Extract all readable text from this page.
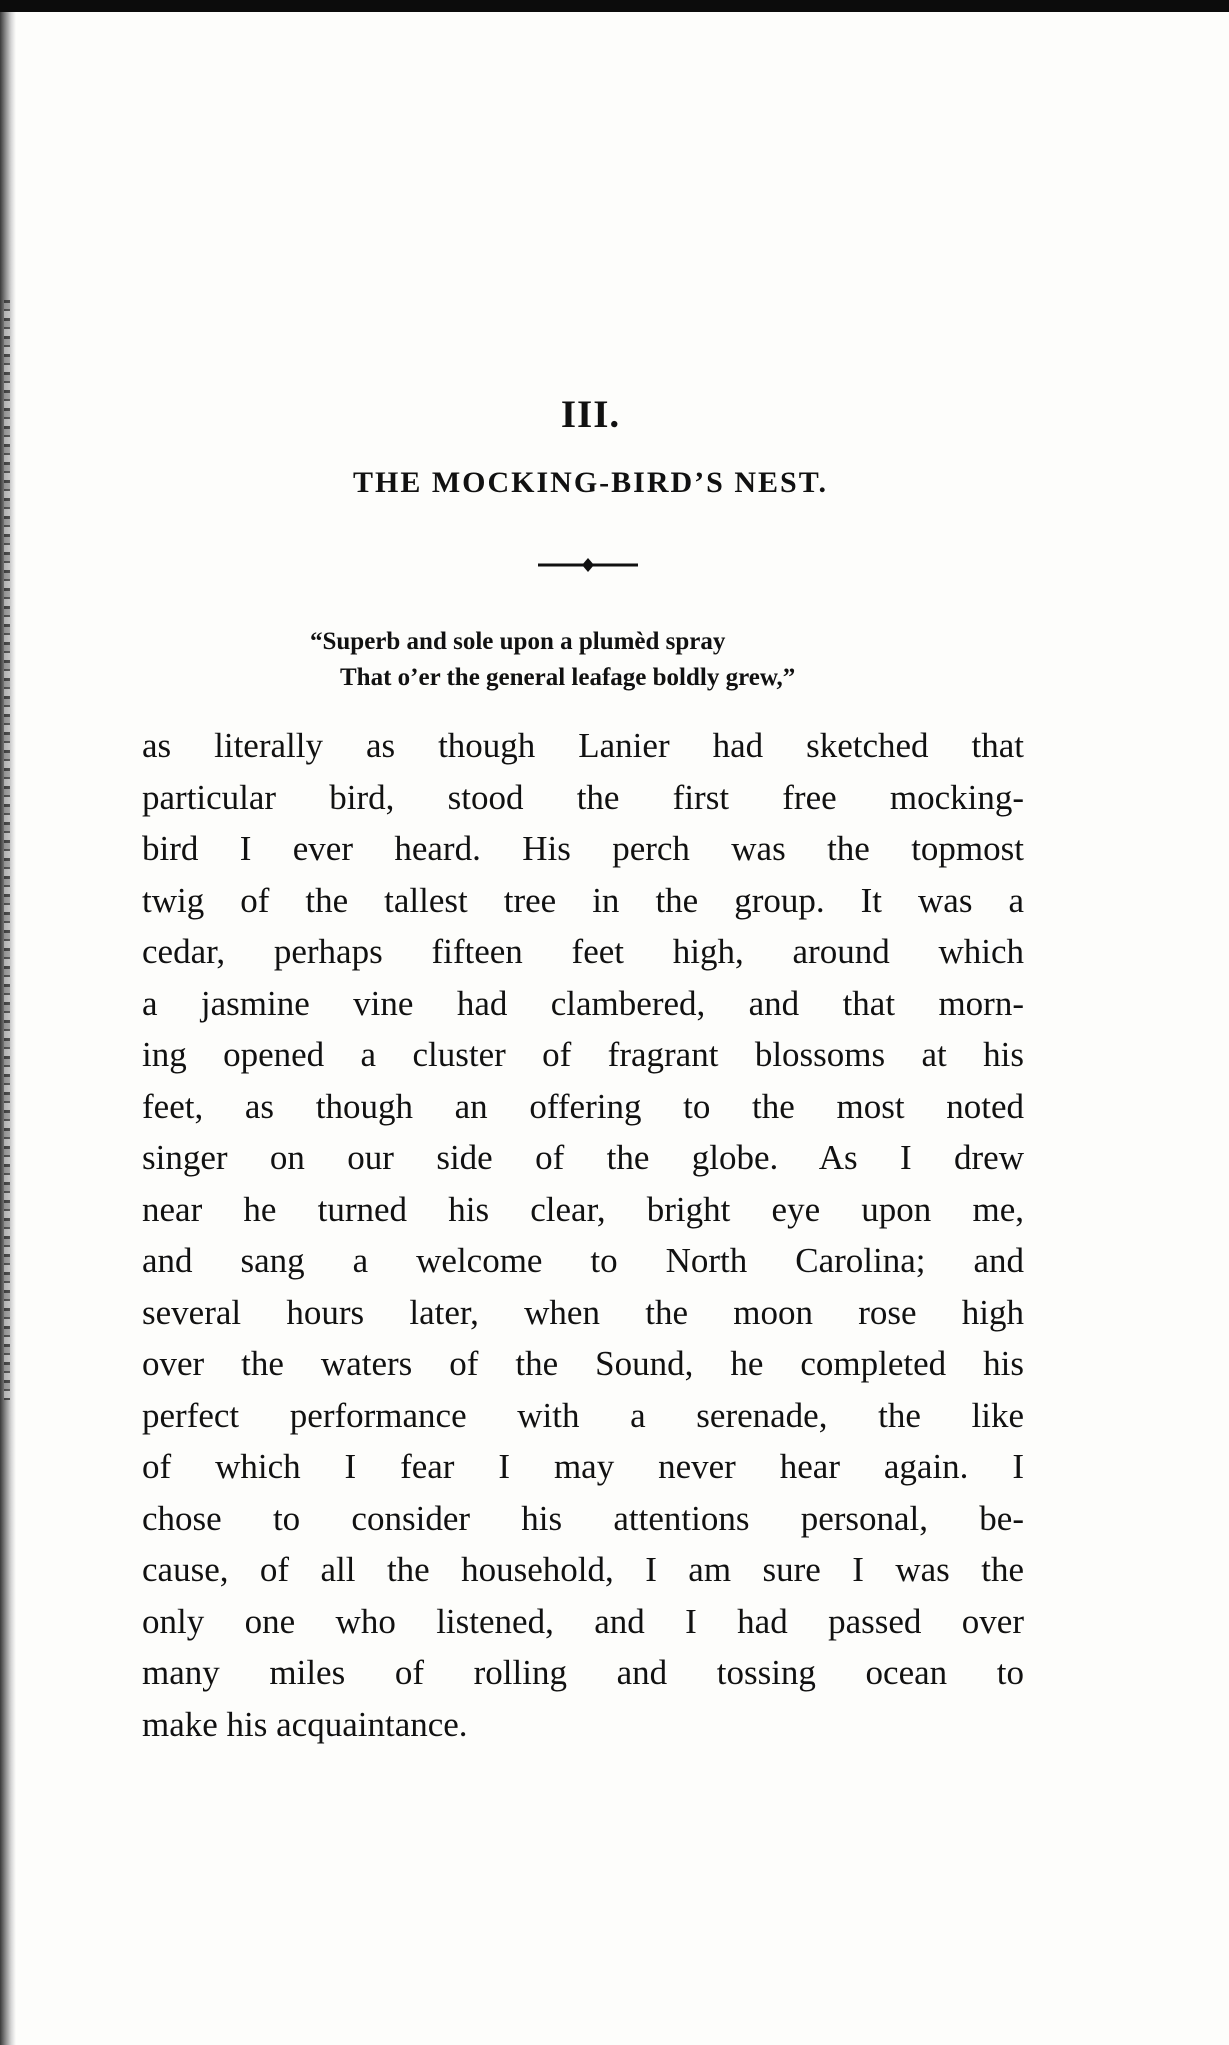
III.
THE MOCKING-BIRD’S NEST.

“Superb and sole upon a plumèd spray
That o’er the general leafage boldly grew,”

as literally as though Lanier had sketched that
particular bird, stood the first free mocking-
bird I ever heard. His perch was the topmost
twig of the tallest tree in the group. It was a
cedar, perhaps fifteen feet high, around which
a jasmine vine had clambered, and that morn-
ing opened a cluster of fragrant blossoms at his
feet, as though an offering to the most noted
singer on our side of the globe. As I drew
near he turned his clear, bright eye upon me,
and sang a welcome to North Carolina; and
several hours later, when the moon rose high
over the waters of the Sound, he completed his
perfect performance with a serenade, the like
of which I fear I may never hear again. I
chose to consider his attentions personal, be-
cause, of all the household, I am sure I was the
only one who listened, and I had passed over
many miles of rolling and tossing ocean to
make his acquaintance.
